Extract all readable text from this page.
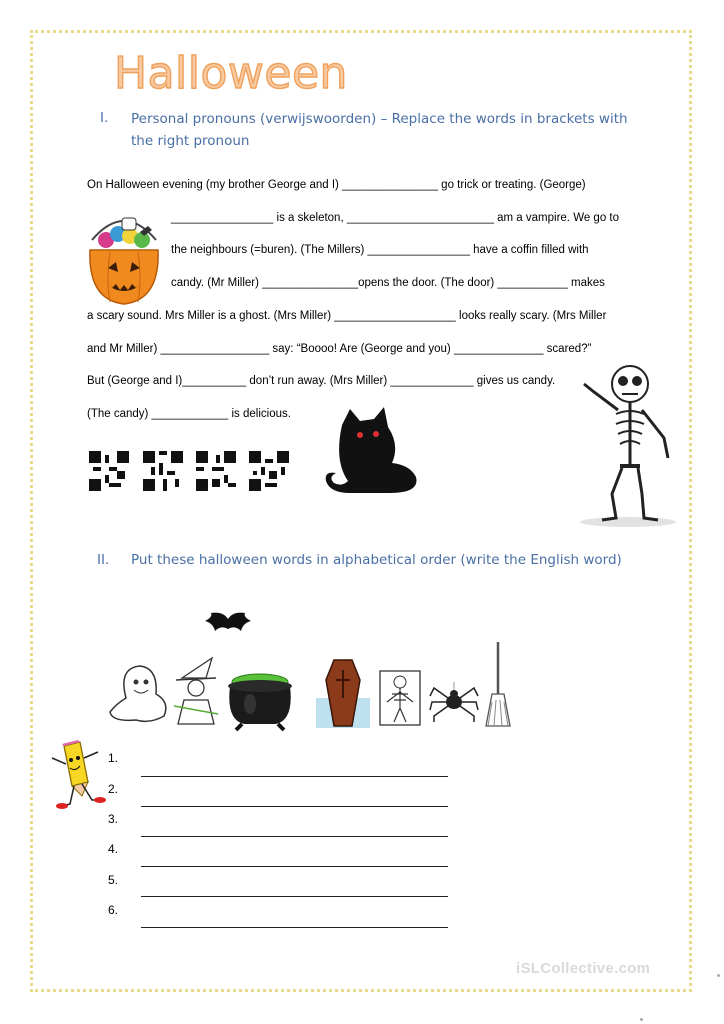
Halloween
I. Personal pronouns (verwijswoorden) – Replace the words in brackets with the right pronoun
On Halloween evening (my brother George and I) _______________ go trick or treating. (George)
________________ is a skeleton, _______________________ am a vampire. We go to
the neighbours (=buren). (The Millers) ________________ have a coffin filled with
candy. (Mr Miller) _______________opens the door. (The door) ___________ makes
a scary sound. Mrs Miller is a ghost. (Mrs Miller) ___________________ looks really scary. (Mrs Miller
and Mr Miller) _________________ say: “Boooo! Are (George and you) ______________ scared?”
But (George and I)__________ don’t run away. (Mrs Miller) _____________ gives us candy.
(The candy) ____________ is delicious.
II. Put these halloween words in alphabetical order (write the English word)
1.
2.
3.
4.
5.
6.
iSLCollective.com
